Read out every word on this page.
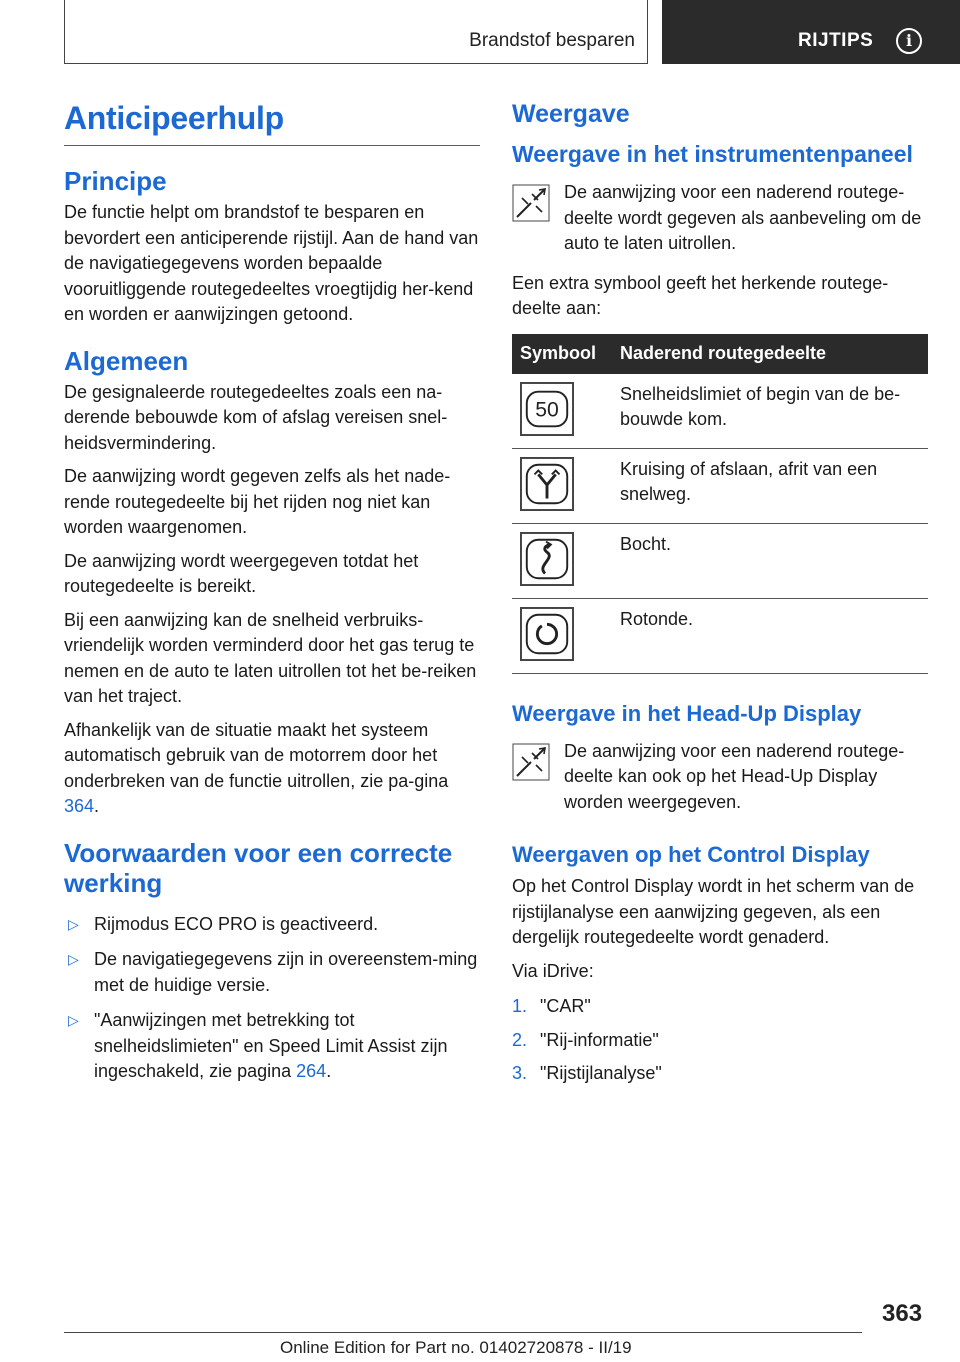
Brandstof besparen	RIJTIPS	i
Anticipeerhulp
Principe

De functie helpt om brandstof te besparen en bevordert een anticiperende rijstijl. Aan de hand van de navigatiegegevens worden bepaalde vooruitliggende routegedeeltes vroegtijdig her-kend en worden er aanwijzingen getoond.

Algemeen

De gesignaleerde routegedeeltes zoals een na-derende bebouwde kom of afslag vereisen snel-heidsvermindering.

De aanwijzing wordt gegeven zelfs als het nade-rende routegedeelte bij het rijden nog niet kan worden waargenomen.

De aanwijzing wordt weergegeven totdat het routegedeelte is bereikt.

Bij een aanwijzing kan de snelheid verbruiks-vriendelijk worden verminderd door het gas terug te nemen en de auto te laten uitrollen tot het be-reiken van het traject.

Afhankelijk van de situatie maakt het systeem automatisch gebruik van de motorrem door het onderbreken van de functie uitrollen, zie pa-gina 364.

Voorwaarden voor een correcte werking
▷ Rijmodus ECO PRO is geactiveerd.
▷ De navigatiegegevens zijn in overeenstem-ming met de huidige versie.
▷ "Aanwijzingen met betrekking tot snelheidslimieten" en Speed Limit Assist zijn ingeschakeld, zie pagina 264.
Weergave
Weergave in het instrumentenpaneel
De aanwijzing voor een naderend routege-deelte wordt gegeven als aanbeveling om de auto te laten uitrollen.

Een extra symbool geeft het herkende routege-deelte aan:

Symbool	Naderend routegedeelte

50	Snelheidslimiet of begin van de be-bouwde kom.

	Kruising of afslaan, afrit van een snelweg.

	Bocht.

	Rotonde.
Weergave in het Head-Up Display
De aanwijzing voor een naderend routege-deelte kan ook op het Head-Up Display worden weergegeven.
Weergaven op het Control Display

Op het Control Display wordt in het scherm van de rijstijlanalyse een aanwijzing gegeven, als een dergelijk routegedeelte wordt genaderd.

Via iDrive:

1. "CAR"
2. "Rij-informatie"
3. "Rijstijlanalyse"
363
Online Edition for Part no. 01402720878 - II/19
